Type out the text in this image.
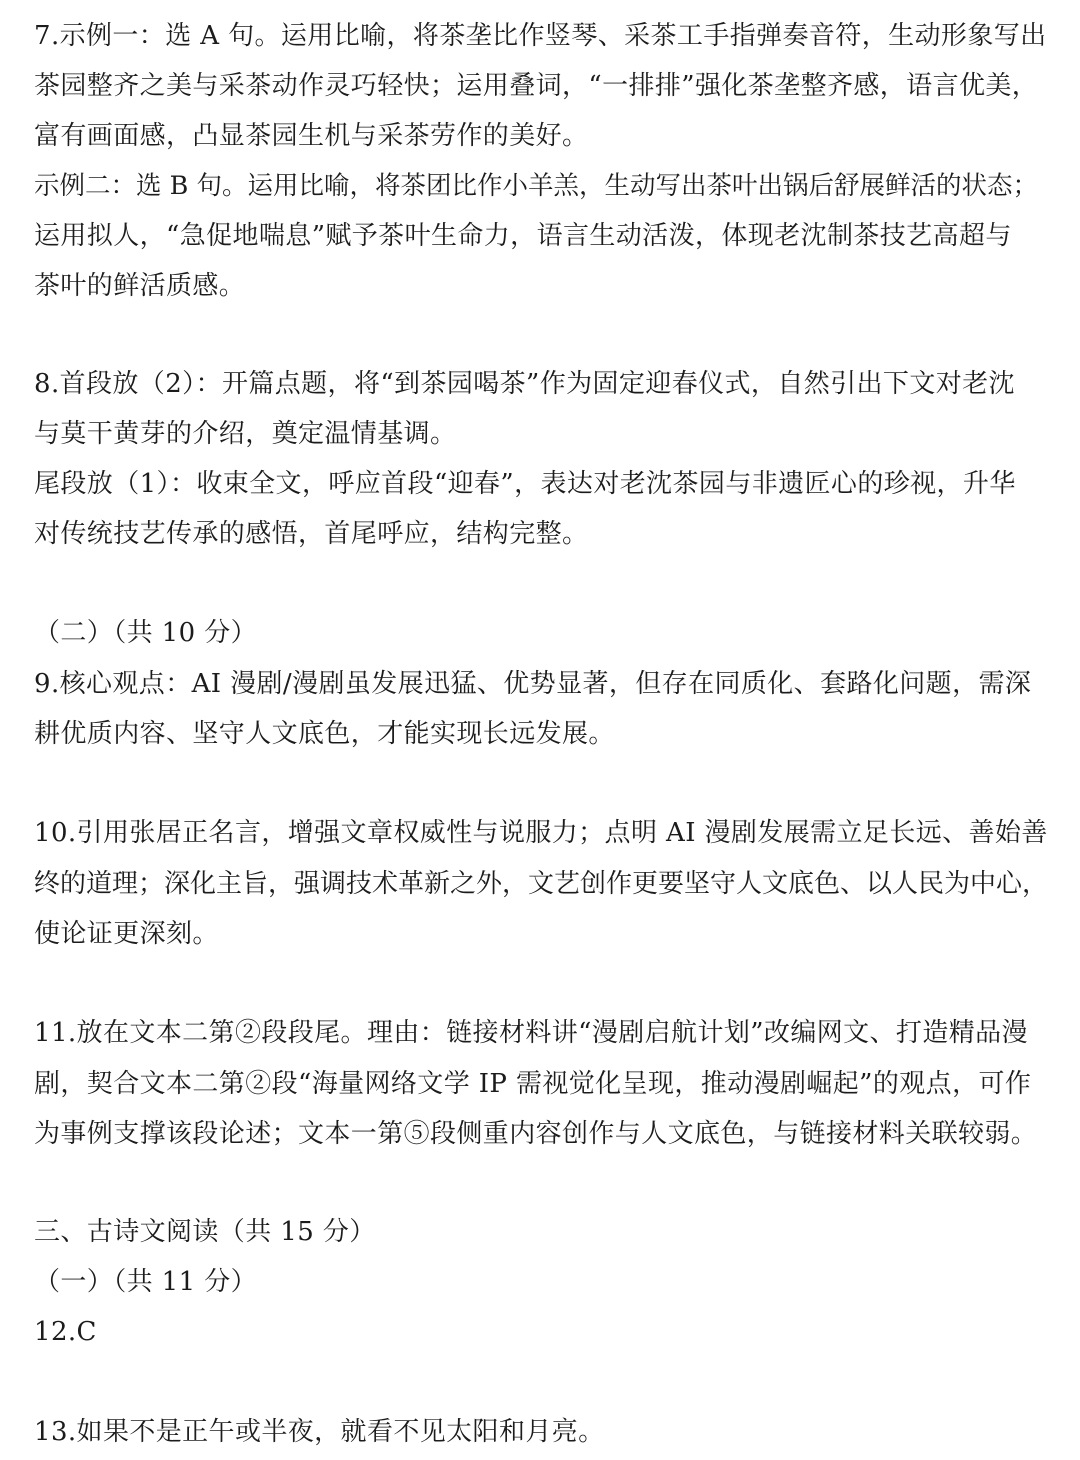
7.示例一：选 A 句。运用比喻，将茶垄比作竖琴、采茶工手指弹奏音符，生动形象写出
茶园整齐之美与采茶动作灵巧轻快；运用叠词，“一排排”强化茶垄整齐感，语言优美，
富有画面感，凸显茶园生机与采茶劳作的美好。
示例二：选 B 句。运用比喻，将茶团比作小羊羔，生动写出茶叶出锅后舒展鲜活的状态；
运用拟人，“急促地喘息”赋予茶叶生命力，语言生动活泼，体现老沈制茶技艺高超与
茶叶的鲜活质感。
8.首段放（2）：开篇点题，将“到茶园喝茶”作为固定迎春仪式，自然引出下文对老沈
与莫干黄芽的介绍，奠定温情基调。
尾段放（1）：收束全文，呼应首段“迎春”，表达对老沈茶园与非遗匠心的珍视，升华
对传统技艺传承的感悟，首尾呼应，结构完整。
（二）（共 10 分）
9.核心观点：AI 漫剧/漫剧虽发展迅猛、优势显著，但存在同质化、套路化问题，需深
耕优质内容、坚守人文底色，才能实现长远发展。
10.引用张居正名言，增强文章权威性与说服力；点明 AI 漫剧发展需立足长远、善始善
终的道理；深化主旨，强调技术革新之外，文艺创作更要坚守人文底色、以人民为中心，
使论证更深刻。
11.放在文本二第②段段尾。理由：链接材料讲“漫剧启航计划”改编网文、打造精品漫
剧，契合文本二第②段“海量网络文学 IP 需视觉化呈现，推动漫剧崛起”的观点，可作
为事例支撑该段论述；文本一第⑤段侧重内容创作与人文底色，与链接材料关联较弱。
三、古诗文阅读（共 15 分）
（一）（共 11 分）
12.C
13.如果不是正午或半夜，就看不见太阳和月亮。
